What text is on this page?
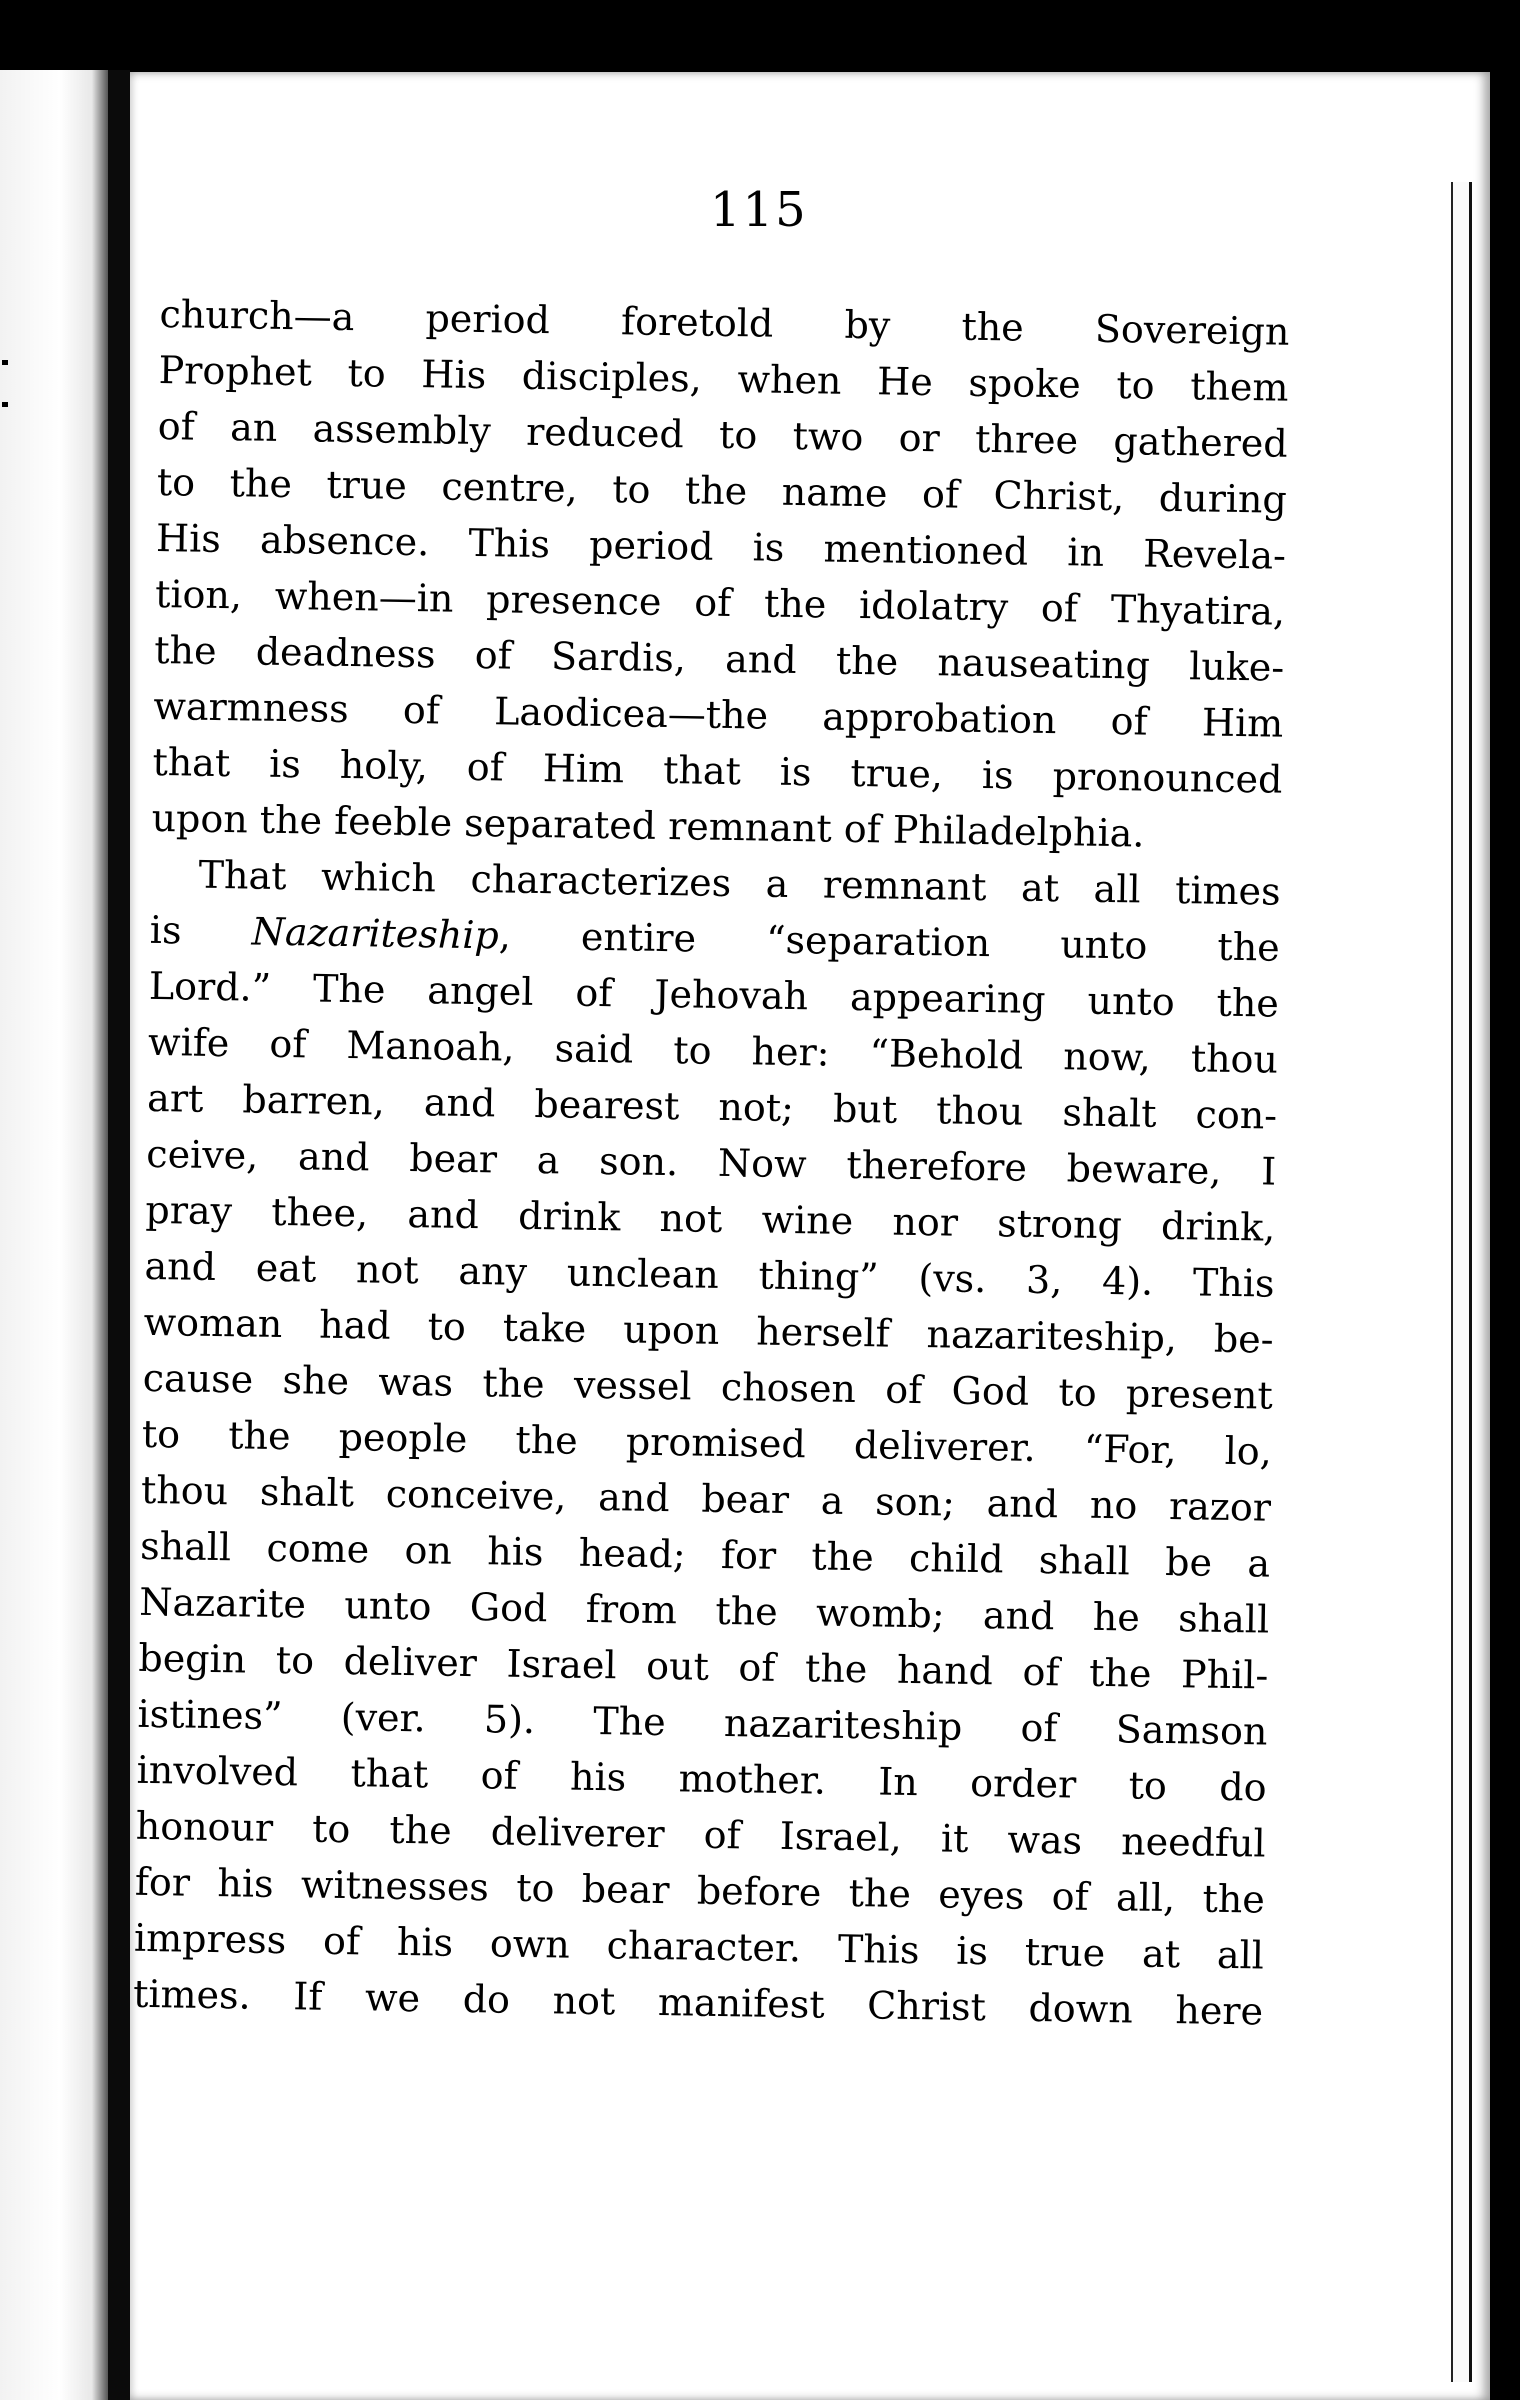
115

church—a period foretold by the Sovereign
Prophet to His disciples, when He spoke to them
of an assembly reduced to two or three gathered
to the true centre, to the name of Christ, during
His absence. This period is mentioned in Revela-
tion, when—in presence of the idolatry of Thyatira,
the deadness of Sardis, and the nauseating luke-
warmness of Laodicea—the approbation of Him
that is holy, of Him that is true, is pronounced
upon the feeble separated remnant of Philadelphia.
That which characterizes a remnant at all times
is Nazariteship, entire “separation unto the
Lord.” The angel of Jehovah appearing unto the
wife of Manoah, said to her: “Behold now, thou
art barren, and bearest not; but thou shalt con-
ceive, and bear a son. Now therefore beware, I
pray thee, and drink not wine nor strong drink,
and eat not any unclean thing” (vs. 3, 4). This
woman had to take upon herself nazariteship, be-
cause she was the vessel chosen of God to present
to the people the promised deliverer. “For, lo,
thou shalt conceive, and bear a son; and no razor
shall come on his head; for the child shall be a
Nazarite unto God from the womb; and he shall
begin to deliver Israel out of the hand of the Phil-
istines” (ver. 5). The nazariteship of Samson
involved that of his mother. In order to do
honour to the deliverer of Israel, it was needful
for his witnesses to bear before the eyes of all, the
impress of his own character. This is true at all
times. If we do not manifest Christ down here
